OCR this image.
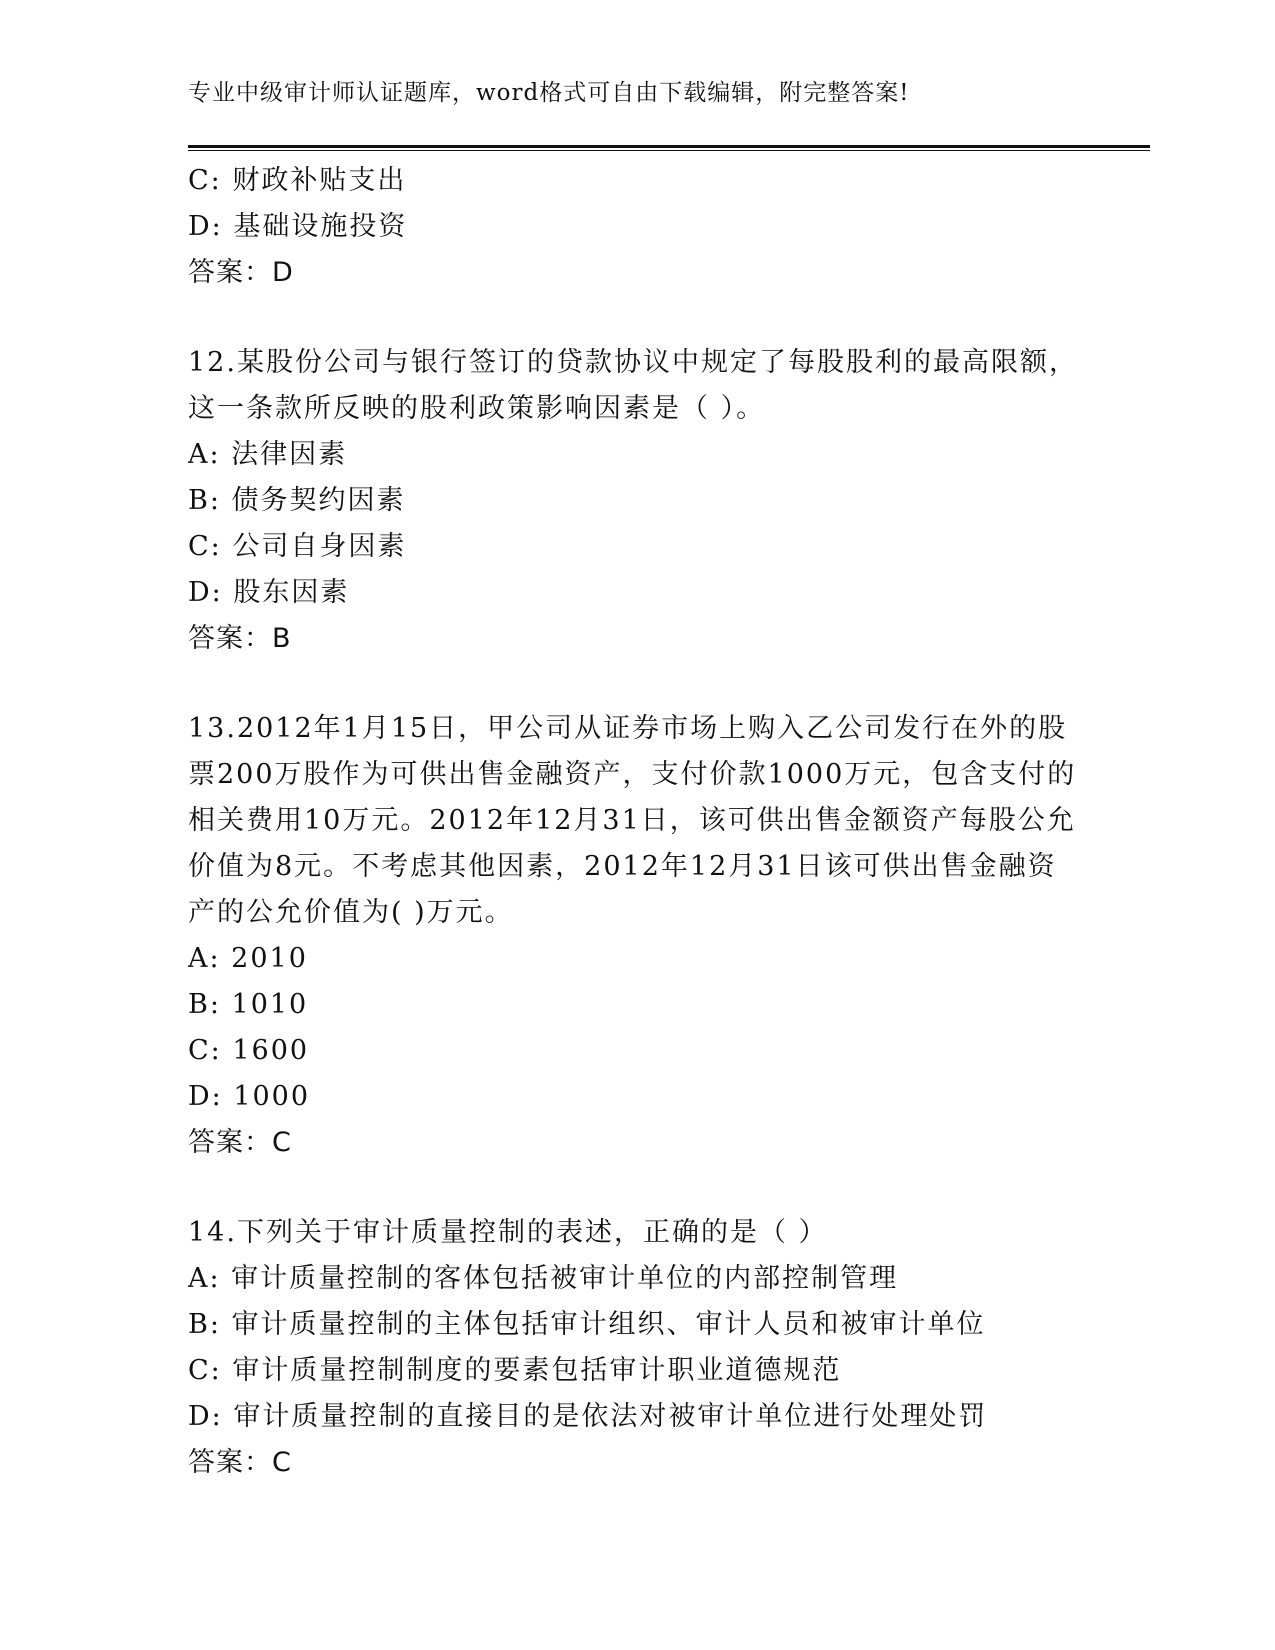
专业中级审计师认证题库，word格式可自由下载编辑，附完整答案!
C: 财政补贴支出
D: 基础设施投资
答案：D
12.某股份公司与银行签订的贷款协议中规定了每股股利的最高限额，
这一条款所反映的股利政策影响因素是（ ）。
A: 法律因素
B: 债务契约因素
C: 公司自身因素
D: 股东因素
答案：B
13.2012年1月15日，甲公司从证券市场上购入乙公司发行在外的股
票200万股作为可供出售金融资产，支付价款1000万元，包含支付的
相关费用10万元。2012年12月31日，该可供出售金额资产每股公允
价值为8元。不考虑其他因素，2012年12月31日该可供出售金融资
产的公允价值为( )万元。
A: 2010
B: 1010
C: 1600
D: 1000
答案：C
14.下列关于审计质量控制的表述，正确的是（ ）
A: 审计质量控制的客体包括被审计单位的内部控制管理
B: 审计质量控制的主体包括审计组织、审计人员和被审计单位
C: 审计质量控制制度的要素包括审计职业道德规范
D: 审计质量控制的直接目的是依法对被审计单位进行处理处罚
答案：C
